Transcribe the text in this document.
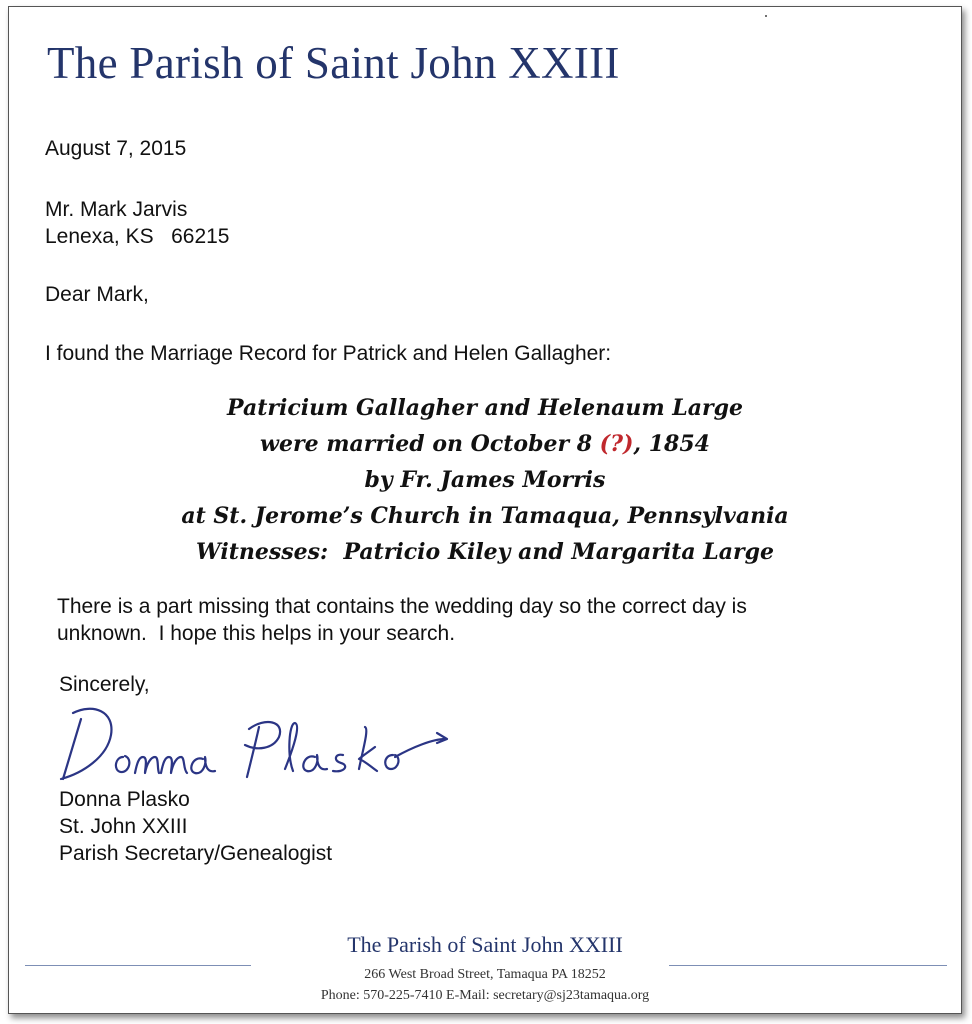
The Parish of Saint John XXIII

August 7, 2015

Mr. Mark Jarvis

Lenexa, KS   66215

Dear Mark,

I found the Marriage Record for Patrick and Helen Gallagher:

Patricium Gallagher and Helenaum Large
were married on October 8 (?), 1854
by Fr. James Morris
at St. Jerome’s Church in Tamaqua, Pennsylvania
Witnesses:  Patricio Kiley and Margarita Large

There is a part missing that contains the wedding day so the correct day is

unknown.  I hope this helps in your search.

Sincerely,

Donna Plasko

St. John XXIII

Parish Secretary/Genealogist

The Parish of Saint John XXIII
266 West Broad Street, Tamaqua PA 18252
Phone: 570-225-7410 E-Mail: secretary@sj23tamaqua.org
